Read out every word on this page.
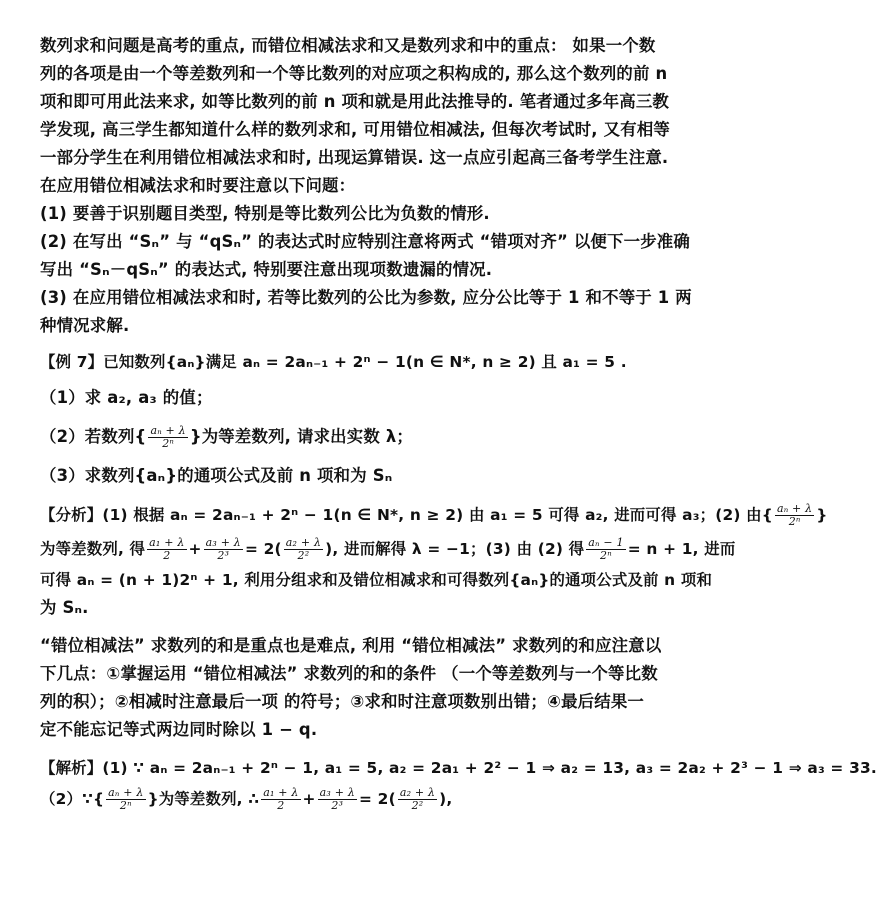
数列求和问题是高考的重点, 而错位相减法求和又是数列求和中的重点： 如果一个数
列的各项是由一个等差数列和一个等比数列的对应项之积构成的, 那么这个数列的前 n
项和即可用此法来求, 如等比数列的前 n 项和就是用此法推导的. 笔者通过多年高三教
学发现, 高三学生都知道什么样的数列求和, 可用错位相减法, 但每次考试时, 又有相等
一部分学生在利用错位相减法求和时, 出现运算错误. 这一点应引起高三备考学生注意.
在应用错位相减法求和时要注意以下问题：
(1) 要善于识别题目类型, 特别是等比数列公比为负数的情形.
(2) 在写出 “Sₙ” 与 “qSₙ” 的表达式时应特别注意将两式 “错项对齐” 以便下一步准确
写出 “Sₙ－qSₙ” 的表达式, 特别要注意出现项数遗漏的情况.
(3) 在应用错位相减法求和时, 若等比数列的公比为参数, 应分公比等于 1 和不等于 1 两
种情况求解.
【例 7】已知数列{aₙ}满足 aₙ = 2aₙ₋₁ + 2ⁿ − 1(n ∈ N*, n ≥ 2) 且 a₁ = 5 .
（1）求 a₂, a₃ 的值；
（2）若数列{ $\frac{\text{aₙ + λ}}{\text{2ⁿ}}$ }为等差数列, 请求出实数 λ；
（3）求数列{aₙ}的通项公式及前 n 项和为 Sₙ
【分析】(1) 根据 aₙ = 2aₙ₋₁ + 2ⁿ − 1(n ∈ N*, n ≥ 2) 由 a₁ = 5 可得 a₂, 进而可得 a₃；(2) 由{ $\frac{\text{aₙ + λ}}{\text{2ⁿ}}$ }
为等差数列, 得 $\frac{\text{a₁ + λ}}{2} + \frac{\text{a₃ + λ}}{\text{2³}} = 2( \frac{\text{a₂ + λ}}{\text{2²}}$ ), 进而解得 λ = −1；(3) 由 (2) 得 $\frac{\text{aₙ − 1}}{\text{2ⁿ}} = n + 1$, 进而
可得 aₙ = (n + 1)2ⁿ + 1, 利用分组求和及错位相减求和可得数列{aₙ}的通项公式及前 n 项和
为 Sₙ.
“错位相减法” 求数列的和是重点也是难点, 利用 “错位相减法” 求数列的和应注意以
下几点：①掌握运用 “错位相减法” 求数列的和的条件 （一个等差数列与一个等比数
列的积）；②相减时注意最后一项 的符号；③求和时注意项数别出错；④最后结果一
定不能忘记等式两边同时除以 1 − q.
【解析】(1) ∵ aₙ = 2aₙ₋₁ + 2ⁿ − 1, a₁ = 5, a₂ = 2a₁ + 2² − 1 ⇒ a₂ = 13, a₃ = 2a₂ + 2³ − 1 ⇒ a₃ = 33.
（2）∵{ $\frac{\text{aₙ + λ}}{\text{2ⁿ}}$ }为等差数列, ∴ $\frac{\text{a₁ + λ}}{2} + \frac{\text{a₃ + λ}}{\text{2³}} = 2( \frac{\text{a₂ + λ}}{\text{2²}}$ ),
